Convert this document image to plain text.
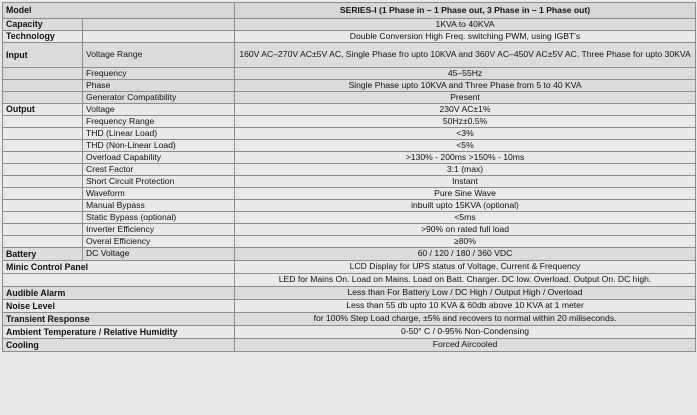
Model		SERIES-I (1 Phase in – 1 Phase out, 3 Phase in – 1 Phase out)
Capacity		1KVA to 40KVA
Technology		Double Conversion High Freq. switching PWM, using IGBT's
Input	Voltage Range	160V AC–270V AC±5V AC, Single Phase fro upto 10KVA and 360V AC–450V AC±5V AC. Three Phase for upto 30KVA
	Frequency	45–55Hz
	Phase	Single Phase upto 10KVA and Three Phase from 5 to 40 KVA
	Generator Compatibility	Present
Output	Voltage	230V AC±1%
	Frequency Range	50Hz±0.5%
	THD (Linear Load)	<3%
	THD (Non-Linear Load)	<5%
	Overload Capability	>130% - 200ms >150% - 10ms
	Crest Factor	3:1 (max)
	Short Circuit Protection	Instant
	Waveform	Pure Sine Wave
	Manual Bypass	inbuilt upto 15KVA (optional)
	Static Bypass (optional)	<5ms
	Inverter Efficiency	>90% on rated full load
	Overal Efficiency	≥80%
Battery	DC Voltage	60 / 120 / 180 / 360 VDC
Minic Control Panel		LCD Display for UPS status of Voltage, Current & Frequency
		LED for Mains On. Load on Mains. Load on Batt. Charger. DC low. Overload. Output On. DC high.
Audible Alarm		Less than For Battery Low / DC High / Output High / Overload
Noise Level		Less than 55 db upto 10 KVA & 60db above 10 KVA at 1 meter
Transient Response		for 100% Step Load charge, ±5% and recovers to normal within 20 miliseconds.
Ambient Temperature / Relative Humidity		0-50° C / 0-95% Non-Condensing
Cooling		Forced Aircooled
